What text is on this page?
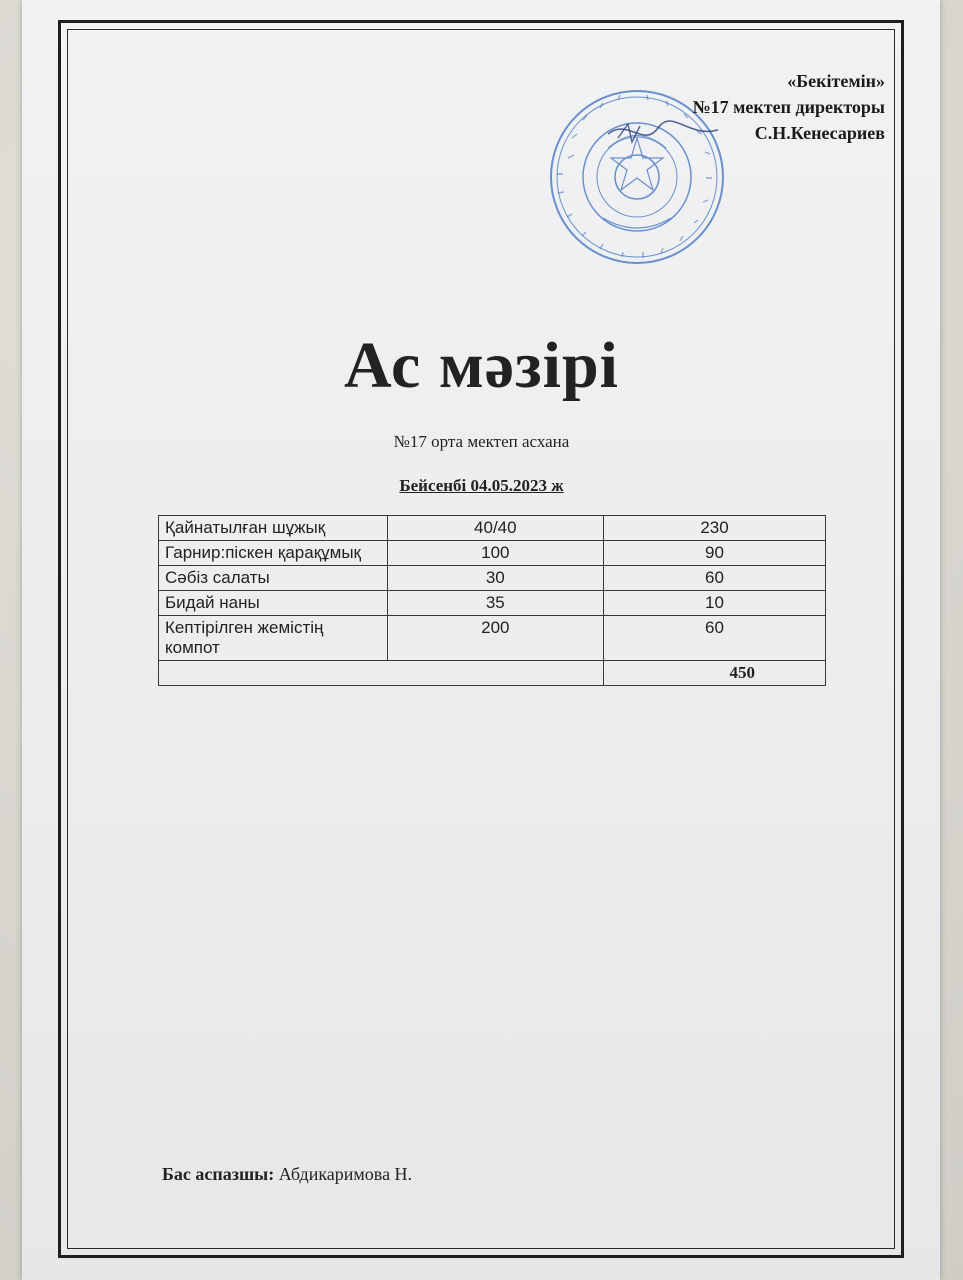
«Бекітемін»
№17 мектеп директоры
С.Н.Кенесариев
Ас мәзірі
№17 орта мектеп асхана
Бейсенбі 04.05.2023 ж
Қайнатылған шұжық	40/40	230
Гарнир:піскен қарақұмық	100	90
Сәбіз салаты	30	60
Бидай наны	35	10
Кептірілген жемістің компот	200	60
		450
Бас аспазшы: Абдикаримова Н.
